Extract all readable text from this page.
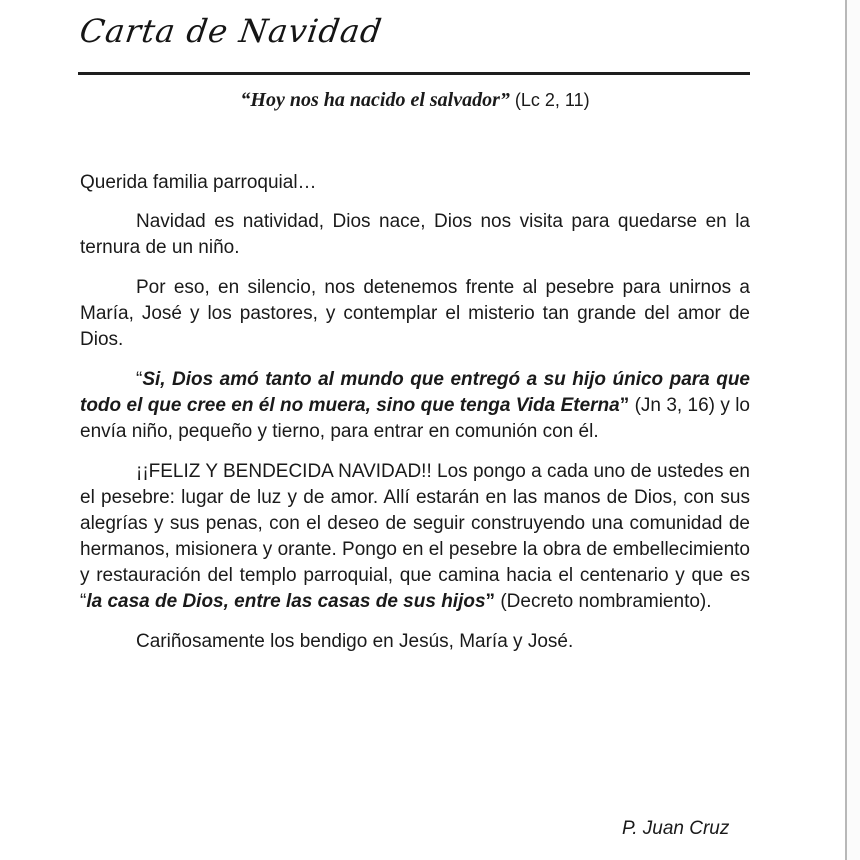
Carta de Navidad
“Hoy nos ha nacido el salvador” (Lc 2, 11)

Querida familia parroquial…

Navidad es natividad, Dios nace, Dios nos visita para quedarse en la ternura de un niño.

Por eso, en silencio, nos detenemos frente al pesebre para unirnos a María, José y los pastores, y contemplar el misterio tan grande del amor de Dios.

“Si, Dios amó tanto al mundo que entregó a su hijo único para que todo el que cree en él no muera, sino que tenga Vida Eterna” (Jn 3, 16) y lo envía niño, pequeño y tierno, para entrar en comunión con él.

¡¡FELIZ Y BENDECIDA NAVIDAD!! Los pongo a cada uno de ustedes en el pesebre: lugar de luz y de amor. Allí estarán en las manos de Dios, con sus alegrías y sus penas, con el deseo de seguir construyendo una comunidad de hermanos, misionera y orante. Pongo en el pesebre la obra de embellecimiento y restauración del templo parroquial, que camina hacia el centenario y que es “la casa de Dios, entre las casas de sus hijos” (Decreto nombramiento).

Cariñosamente los bendigo en Jesús, María y José.

P. Juan Cruz
